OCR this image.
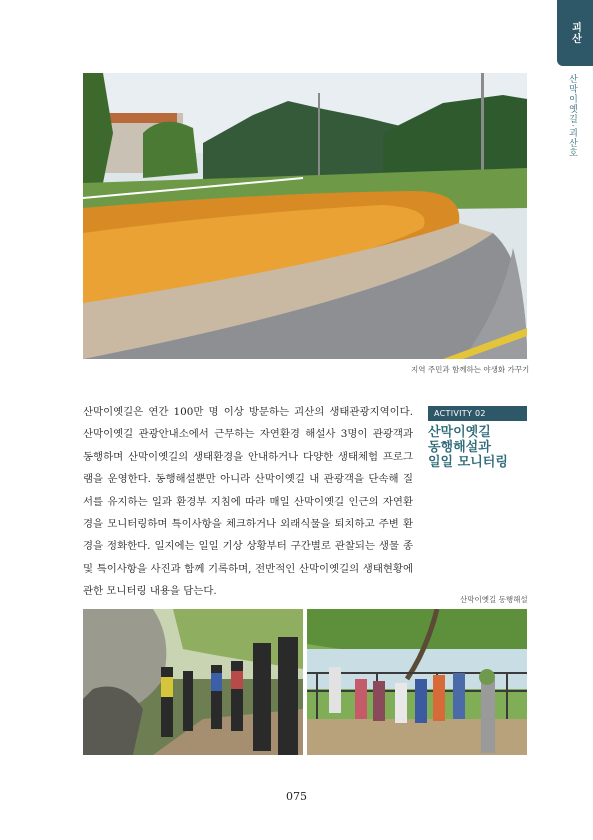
괴산
산막이옛길·괴산호
지역 주민과 함께하는 야생화 가꾸기
산막이옛길은 연간 100만 명 이상 방문하는 괴산의 생태관광지역이다. 산막이옛길 관광안내소에서 근무하는 자연환경 해설사 3명이 관광객과 동행하며 산막이옛길의 생태환경을 안내하거나 다양한 생태체험 프로그램을 운영한다. 동행해설뿐만 아니라 산막이옛길 내 관광객을 단속해 질서를 유지하는 일과 환경부 지침에 따라 매일 산막이옛길 인근의 자연환경을 모니터링하며 특이사항을 체크하거나 외래식물을 퇴치하고 주변 환경을 정화한다. 일지에는 일일 기상 상황부터 구간별로 관찰되는 생물 종 및 특이사항을 사진과 함께 기록하며, 전반적인 산막이옛길의 생태현황에 관한 모니터링 내용을 담는다.
ACTIVITY 02
산막이옛길
동행해설과
일일 모니터링
산막이옛길 동행해설
075
